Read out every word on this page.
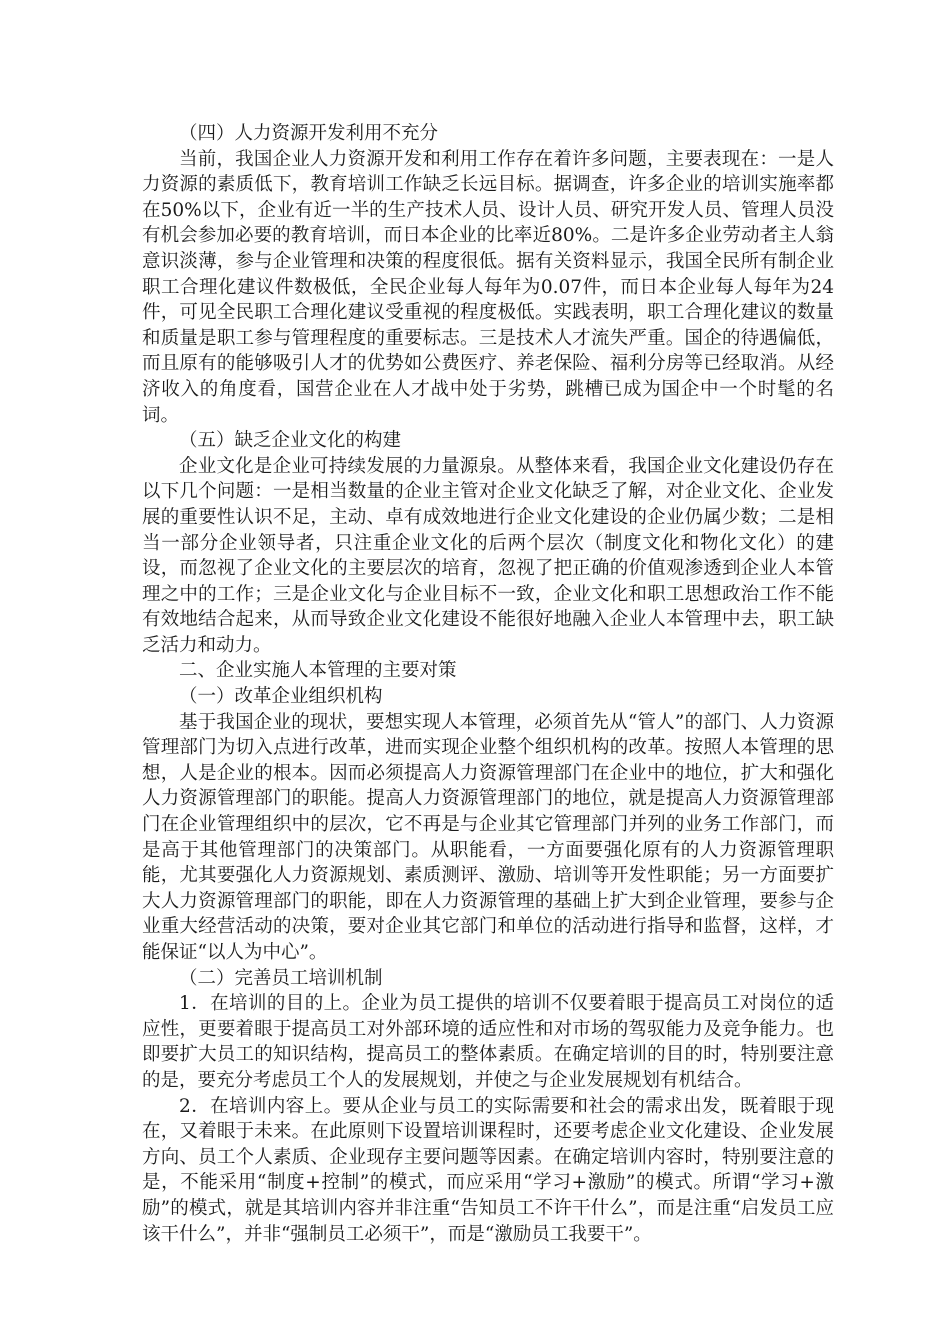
（四）人力资源开发利用不充分

当前，我国企业人力资源开发和利用工作存在着许多问题，主要表现在：一是人力资源的素质低下，教育培训工作缺乏长远目标。据调查，许多企业的培训实施率都在50%以下，企业有近一半的生产技术人员、设计人员、研究开发人员、管理人员没有机会参加必要的教育培训，而日本企业的比率近80%。二是许多企业劳动者主人翁意识淡薄，参与企业管理和决策的程度很低。据有关资料显示，我国全民所有制企业职工合理化建议件数极低，全民企业每人每年为0.07件，而日本企业每人每年为24件，可见全民职工合理化建议受重视的程度极低。实践表明，职工合理化建议的数量和质量是职工参与管理程度的重要标志。三是技术人才流失严重。国企的待遇偏低，而且原有的能够吸引人才的优势如公费医疗、养老保险、福利分房等已经取消。从经济收入的角度看，国营企业在人才战中处于劣势，跳槽已成为国企中一个时髦的名词。

（五）缺乏企业文化的构建

企业文化是企业可持续发展的力量源泉。从整体来看，我国企业文化建设仍存在以下几个问题：一是相当数量的企业主管对企业文化缺乏了解，对企业文化、企业发展的重要性认识不足，主动、卓有成效地进行企业文化建设的企业仍属少数；二是相当一部分企业领导者，只注重企业文化的后两个层次（制度文化和物化文化）的建设，而忽视了企业文化的主要层次的培育，忽视了把正确的价值观渗透到企业人本管理之中的工作；三是企业文化与企业目标不一致，企业文化和职工思想政治工作不能有效地结合起来，从而导致企业文化建设不能很好地融入企业人本管理中去，职工缺乏活力和动力。

二、企业实施人本管理的主要对策

（一）改革企业组织机构

基于我国企业的现状，要想实现人本管理，必须首先从“管人”的部门、人力资源管理部门为切入点进行改革，进而实现企业整个组织机构的改革。按照人本管理的思想，人是企业的根本。因而必须提高人力资源管理部门在企业中的地位，扩大和强化人力资源管理部门的职能。提高人力资源管理部门的地位，就是提高人力资源管理部门在企业管理组织中的层次，它不再是与企业其它管理部门并列的业务工作部门，而是高于其他管理部门的决策部门。从职能看，一方面要强化原有的人力资源管理职能，尤其要强化人力资源规划、素质测评、激励、培训等开发性职能；另一方面要扩大人力资源管理部门的职能，即在人力资源管理的基础上扩大到企业管理，要参与企业重大经营活动的决策，要对企业其它部门和单位的活动进行指导和监督，这样，才能保证“以人为中心”。

（二）完善员工培训机制

1．在培训的目的上。企业为员工提供的培训不仅要着眼于提高员工对岗位的适应性，更要着眼于提高员工对外部环境的适应性和对市场的驾驭能力及竞争能力。也即要扩大员工的知识结构，提高员工的整体素质。在确定培训的目的时，特别要注意的是，要充分考虑员工个人的发展规划，并使之与企业发展规划有机结合。

2．在培训内容上。要从企业与员工的实际需要和社会的需求出发，既着眼于现在，又着眼于未来。在此原则下设置培训课程时，还要考虑企业文化建设、企业发展方向、员工个人素质、企业现存主要问题等因素。在确定培训内容时，特别要注意的是，不能采用“制度+控制”的模式，而应采用“学习+激励”的模式。所谓“学习+激励”的模式，就是其培训内容并非注重“告知员工不许干什么”，而是注重“启发员工应该干什么”，并非“强制员工必须干”，而是“激励员工我要干”。
